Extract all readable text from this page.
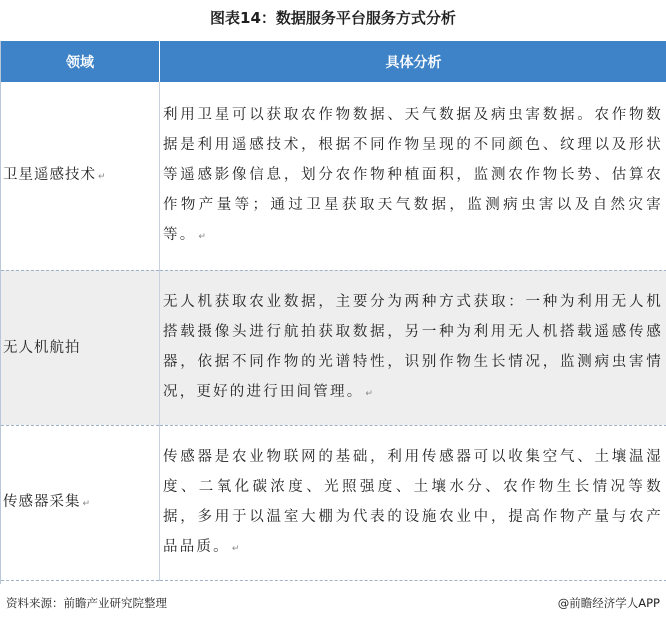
图表14：数据服务平台服务方式分析
领域	具体分析
卫星遥感技术 ↵	利用卫星可以获取农作物数据、天气数据及病虫害数据。农作物数据是利用遥感技术，根据不同作物呈现的不同颜色、纹理以及形状等遥感影像信息，划分农作物种植面积，监测农作物长势、估算农作物产量等；通过卫星获取天气数据，监测病虫害以及自然灾害等。 ↵
无人机航拍	无人机获取农业数据，主要分为两种方式获取：一种为利用无人机搭载摄像头进行航拍获取数据，另一种为利用无人机搭载遥感传感器，依据不同作物的光谱特性，识别作物生长情况，监测病虫害情况，更好的进行田间管理。 ↵
传感器采集 ↵	传感器是农业物联网的基础，利用传感器可以收集空气、土壤温湿度、二氧化碳浓度、光照强度、土壤水分、农作物生长情况等数据，多用于以温室大棚为代表的设施农业中，提高作物产量与农产品品质。 ↵
资料来源：前瞻产业研究院整理	@前瞻经济学人APP
